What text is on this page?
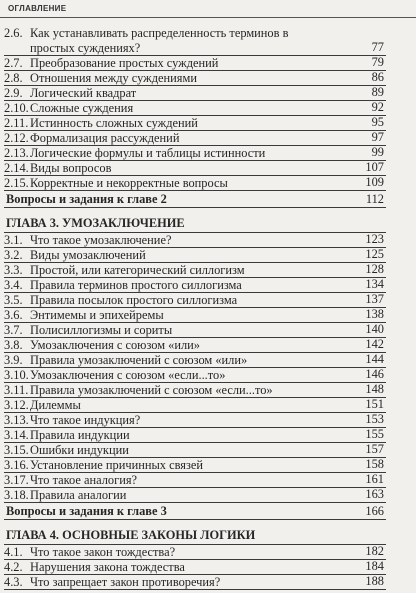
ОГЛАВЛЕНИЕ
2.6. Как устанавливать распределенность терминов в простых суждениях?	77
2.7. Преобразование простых суждений	79
2.8. Отношения между суждениями	86
2.9. Логический квадрат	89
2.10. Сложные суждения	92
2.11. Истинность сложных суждений	95
2.12. Формализация рассуждений	97
2.13. Логические формулы и таблицы истинности	99
2.14. Виды вопросов	107
2.15. Корректные и некорректные вопросы	109
Вопросы и задания к главе 2	112
ГЛАВА 3. УМОЗАКЛЮЧЕНИЕ
3.1. Что такое умозаключение?	123
3.2. Виды умозаключений	125
3.3. Простой, или категорический силлогизм	128
3.4. Правила терминов простого силлогизма	134
3.5. Правила посылок простого силлогизма	137
3.6. Энтимемы и эпихейремы	138
3.7. Полисиллогизмы и сориты	140
3.8. Умозаключения с союзом «или»	142
3.9. Правила умозаключений с союзом «или»	144
3.10. Умозаключения с союзом «если...то»	146
3.11. Правила умозаключений с союзом «если...то»	148
3.12. Дилеммы	151
3.13. Что такое индукция?	153
3.14. Правила индукции	155
3.15. Ошибки индукции	157
3.16. Установление причинных связей	158
3.17. Что такое аналогия?	161
3.18. Правила аналогии	163
Вопросы и задания к главе 3	166
ГЛАВА 4. ОСНОВНЫЕ ЗАКОНЫ ЛОГИКИ
4.1. Что такое закон тождества?	182
4.2. Нарушения закона тождества	184
4.3. Что запрещает закон противоречия?	188
